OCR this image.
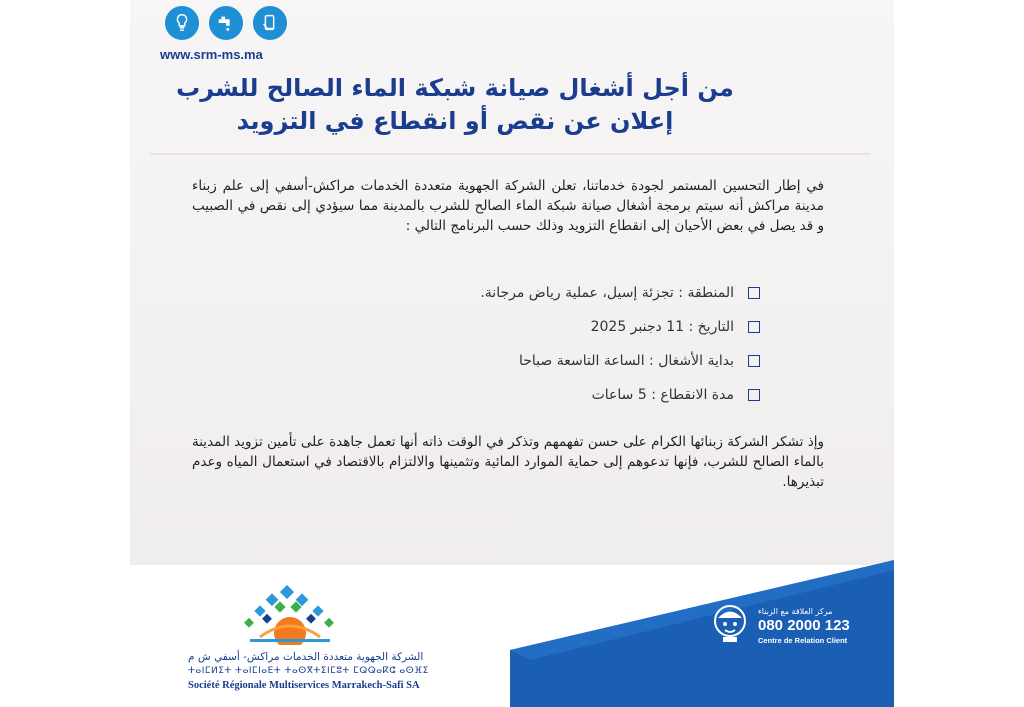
www.srm-ms.ma
من أجل أشغال صيانة شبكة الماء الصالح للشرب
إعلان عن نقص أو انقطاع في التزويد
في إطار التحسين المستمر لجودة خدماتنا، تعلن الشركة الجهوية متعددة الخدمات مراكش-أسفي إلى علم زبناء مدينة مراكش أنه سيتم برمجة أشغال صيانة شبكة الماء الصالح للشرب بالمدينة مما سيؤدي إلى نقص في الصبيب و قد يصل في بعض الأحيان إلى انقطاع التزويد وذلك حسب البرنامج التالي :
المنطقة : تجزئة إسيل، عملية رياض مرجانة.
التاريخ : 11 دجنبر 2025
بداية الأشغال : الساعة التاسعة صباحا
مدة الانقطاع : 5 ساعات
وإذ تشكر الشركة زبنائها الكرام على حسن تفهمهم وتذكر في الوقت ذاته أنها تعمل جاهدة على تأمين تزويد المدينة بالماء الصالح للشرب، فإنها تدعوهم إلى حماية الموارد المائية وتثمينها والالتزام بالاقتصاد في استعمال المياه وعدم تبذيرها.
الشركة الجهوية متعددة الخدمات مراكش- أسفي ش م
ⵜⴰⵏⵎⵍⵉⵜ ⵜⴰⵏⵎⵏⴰⴹⵜ ⵜⴰⵙⴳⵜⵉⵏⵎⵓⵜ ⵎⵕⵕⴰⴽⵛ ⴰⵙⴼⵉ
Société Régionale Multiservices Marrakech-Safi SA
مركز العلاقة مع الزبناء
080 2000 123
Centre de Relation Client
